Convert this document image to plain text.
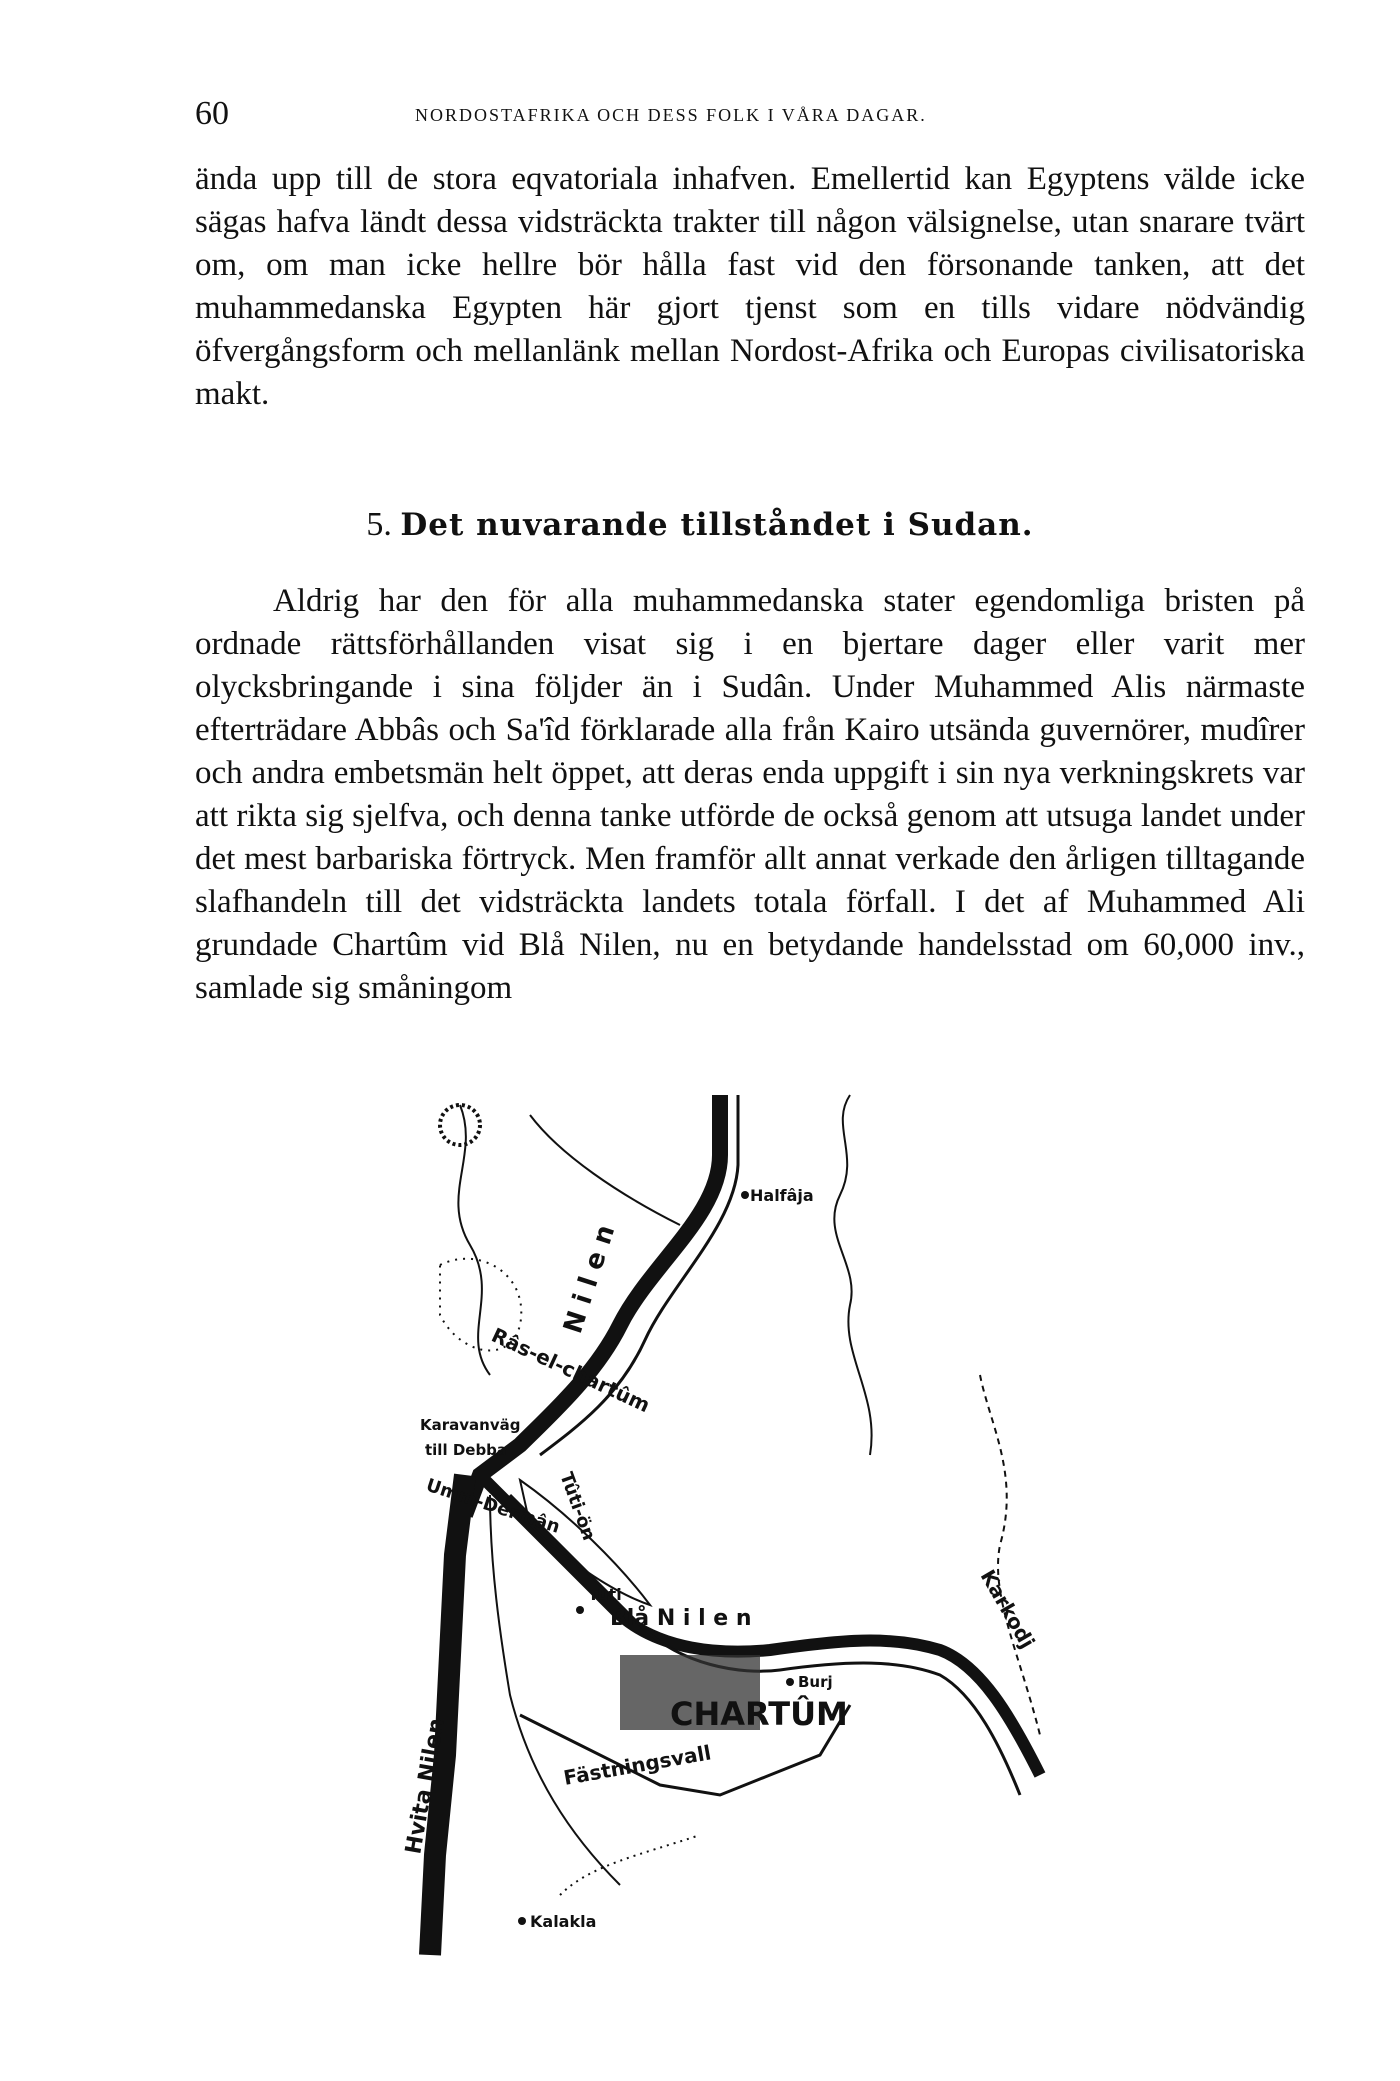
60	NORDOSTAFRIKA OCH DESS FOLK I VÅRA DAGAR.
ända upp till de stora eqvatoriala inhafven. Emellertid kan Egyptens välde icke sägas hafva ländt dessa vidsträckta trakter till någon välsignelse, utan snarare tvärt om, om man icke hellre bör hålla fast vid den försonande tanken, att det muhammedanska Egypten här gjort tjenst som en tills vidare nödvändig öfvergångsform och mellanlänk mellan Nordost-Afrika och Europas civilisatoriska makt.
5. Det nuvarande tillståndet i Sudan.
Aldrig har den för alla muhammedanska stater egendomliga bristen på ordnade rättsförhållanden visat sig i en bjertare dager eller varit mer olycksbringande i sina följder än i Sudân. Under Muhammed Alis närmaste efterträdare Abbâs och Sa'îd förklarade alla från Kairo utsända guvernörer, mudîrer och andra embetsmän helt öppet, att deras enda uppgift i sin nya verkningskrets var att rikta sig sjelfva, och denna tanke utförde de också genom att utsuga landet under det mest barbariska förtryck. Men framför allt annat verkade den årligen tilltagande slafhandeln till det vidsträckta landets totala förfall. I det af Muhammed Ali grundade Chartûm vid Blå Nilen, nu en betydande handelsstad om 60,000 inv., samlade sig småningom
Halfâja
N i l e n
Râs-el-chartûm
Karavanväg
till Debba
Umm-Dermân
Tûti-ön
Tuti
Blå N i l e n	Karkodj
Burj
CHARTÛM
Fästningsvall
Hvita Nilen
Kalakla
